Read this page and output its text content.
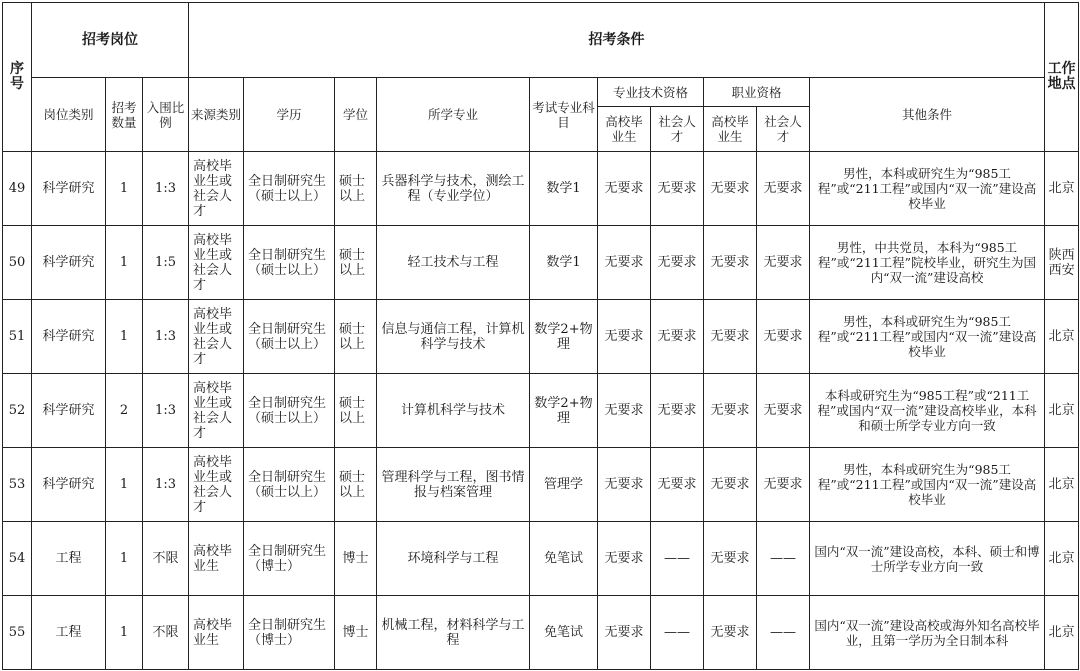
序号	招考岗位			招考条件										工作地点
	岗位类别	招考数量	入围比例	来源类别	学历	学位	所学专业	考试专业科　目	专业技术资格		职业资格		其他条件	
									高校毕业生	社会人才	高校毕业生	社会人才		
49	科学研究	1	1:3	高校毕业生或社会人才	全日制研究生（硕士以上）	硕士以上	兵器科学与技术，测绘工程（专业学位）	数学1	无要求	无要求	无要求	无要求	男性，本科或研究生为“985工程”或“211工程”或国内“双一流”建设高校毕业	北京
50	科学研究	1	1:5	高校毕业生或社会人才	全日制研究生（硕士以上）	硕士以上	轻工技术与工程	数学1	无要求	无要求	无要求	无要求	男性，中共党员，本科为“985工程”或“211工程”院校毕业，研究生为国内“双一流”建设高校	陕西西安
51	科学研究	1	1:3	高校毕业生或社会人才	全日制研究生（硕士以上）	硕士以上	信息与通信工程，计算机科学与技术	数学2+物理	无要求	无要求	无要求	无要求	男性，本科或研究生为“985工程”或“211工程”或国内“双一流”建设高校毕业	北京
52	科学研究	2	1:3	高校毕业生或社会人才	全日制研究生（硕士以上）	硕士以上	计算机科学与技术	数学2+物理	无要求	无要求	无要求	无要求	本科或研究生为“985工程”或“211工程”或国内“双一流”建设高校毕业，本科和硕士所学专业方向一致	北京
53	科学研究	1	1:3	高校毕业生或社会人才	全日制研究生（硕士以上）	硕士以上	管理科学与工程，图书情报与档案管理	管理学	无要求	无要求	无要求	无要求	男性，本科或研究生为“985工程”或“211工程”或国内“双一流”建设高校毕业	北京
54	工程	1	不限	高校毕业生	全日制研究生（博士）	博士	环境科学与工程	免笔试	无要求	——	无要求	——	国内“双一流”建设高校，本科、硕士和博士所学专业方向一致	北京
55	工程	1	不限	高校毕业生	全日制研究生（博士）	博士	机械工程，材料科学与工程	免笔试	无要求	——	无要求	——	国内“双一流”建设高校或海外知名高校毕业，且第一学历为全日制本科	北京
